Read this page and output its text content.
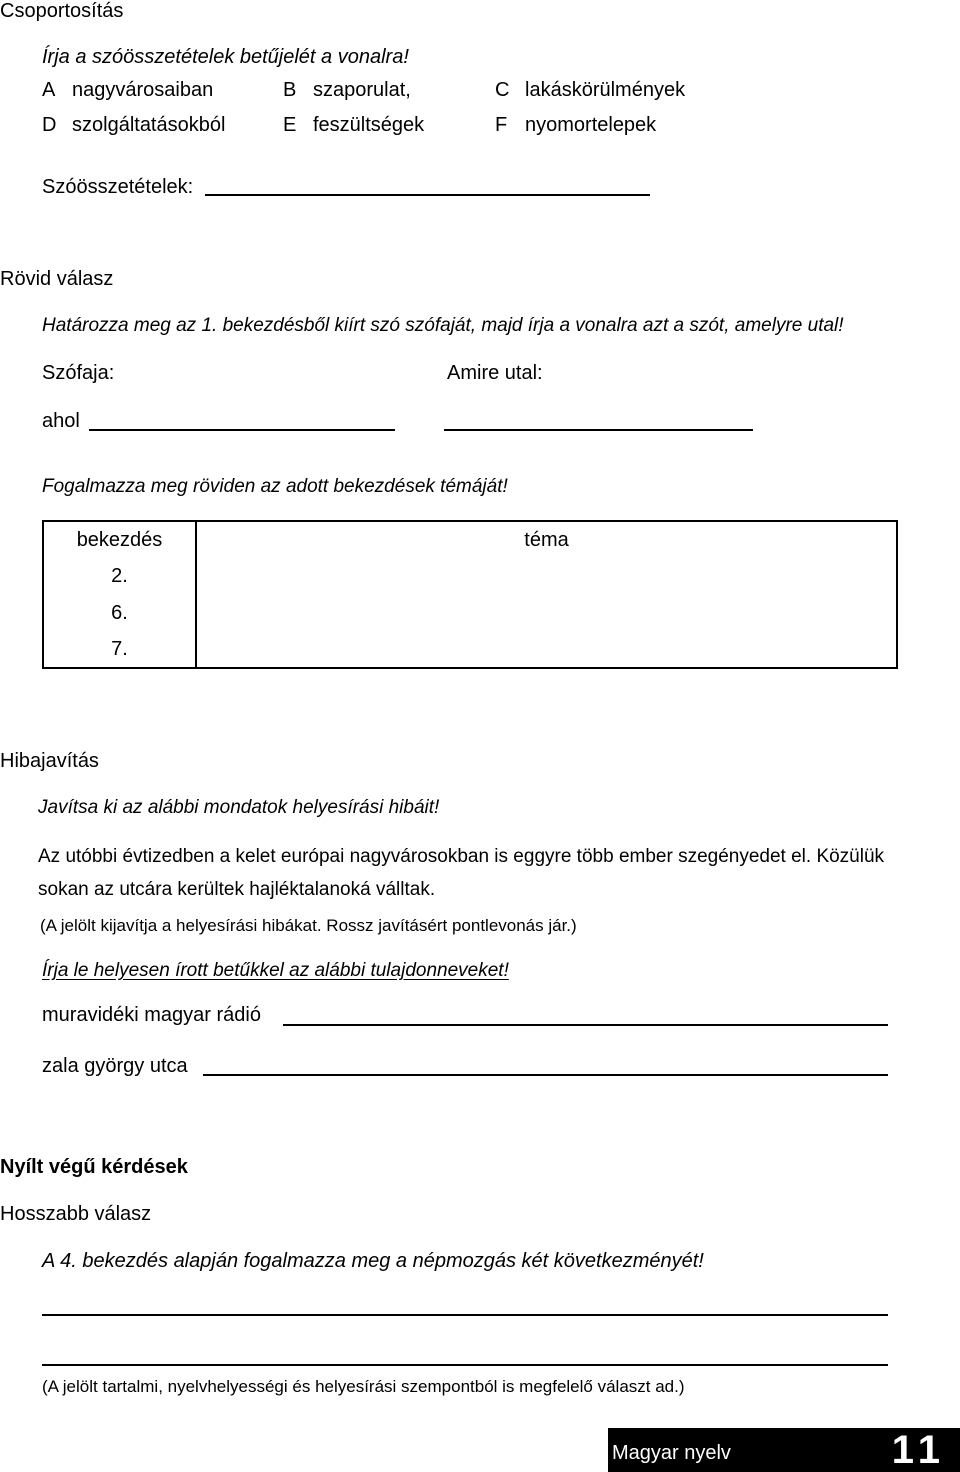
Csoportosítás
Írja a szóösszetételek betűjelét a vonalra!
A nagyvárosaiban	B szaporulat,	C lakáskörülmények
D szolgáltatásokból	E feszültségek	F nyomortelepek
Szóösszetételek:
Rövid válasz
Határozza meg az 1. bekezdésből kiírt szó szófaját, majd írja a vonalra azt a szót, amelyre utal!
Szófaja:	Amire utal:
ahol
Fogalmazza meg röviden az adott bekezdések témáját!
bekezdés	téma

2.
6.
7.	

Hibajavítás
Javítsa ki az alábbi mondatok helyesírási hibáit!
Az utóbbi évtizedben a kelet európai nagyvárosokban is eggyre több ember szegényedet el. Közülük
sokan az utcára kerültek hajléktalanoká válltak.
(A jelölt kijavítja a helyesírási hibákat. Rossz javításért pontlevonás jár.)
Írja le helyesen írott betűkkel az alábbi tulajdonneveket!
muravidéki magyar rádió
zala györgy utca
Nyílt végű kérdések
Hosszabb válasz
A 4. bekezdés alapján fogalmazza meg a népmozgás két következményét!
(A jelölt tartalmi, nyelvhelyességi és helyesírási szempontból is megfelelő választ ad.)
Magyar nyelv	11
